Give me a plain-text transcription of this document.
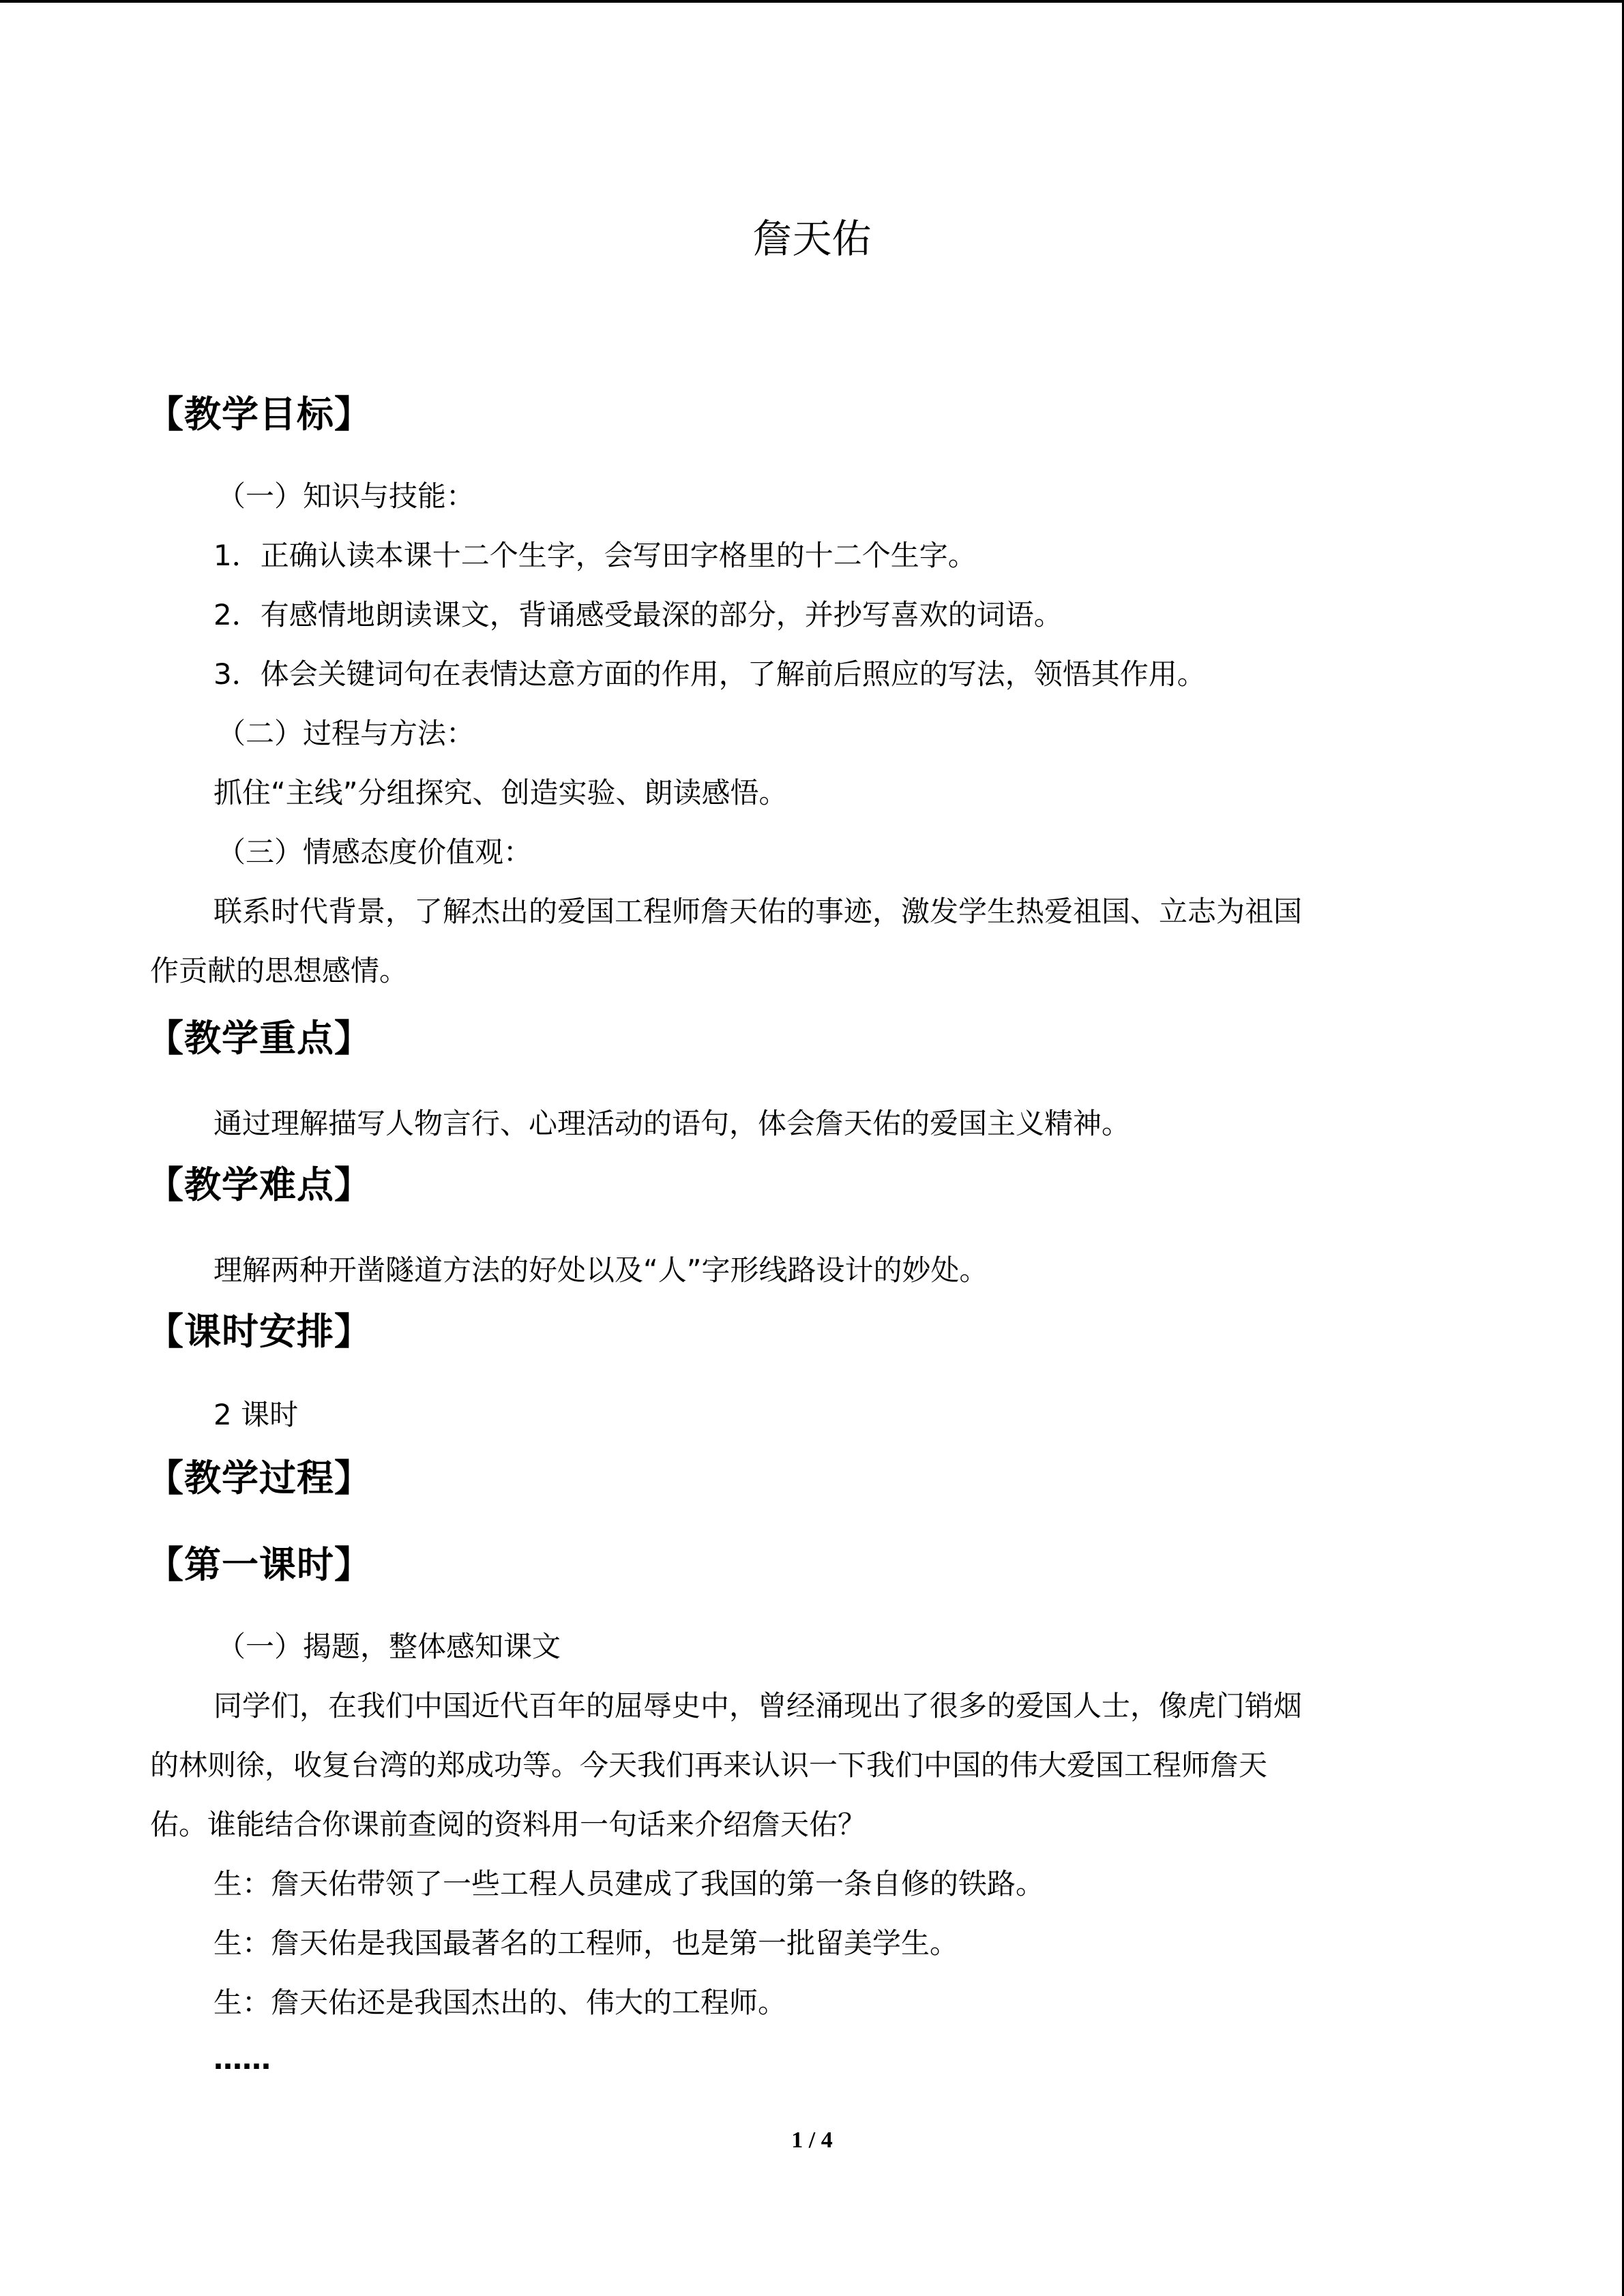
詹天佑
【教学目标】
（一）知识与技能：
1．正确认读本课十二个生字，会写田字格里的十二个生字。
2．有感情地朗读课文，背诵感受最深的部分，并抄写喜欢的词语。
3．体会关键词句在表情达意方面的作用，了解前后照应的写法，领悟其作用。
（二）过程与方法：
抓住“主线”分组探究、创造实验、朗读感悟。
（三）情感态度价值观：
联系时代背景，了解杰出的爱国工程师詹天佑的事迹，激发学生热爱祖国、立志为祖国
作贡献的思想感情。
【教学重点】
通过理解描写人物言行、心理活动的语句，体会詹天佑的爱国主义精神。
【教学难点】
理解两种开凿隧道方法的好处以及“人”字形线路设计的妙处。
【课时安排】
2 课时
【教学过程】
【第一课时】
（一）揭题，整体感知课文
同学们，在我们中国近代百年的屈辱史中，曾经涌现出了很多的爱国人士，像虎门销烟
的林则徐，收复台湾的郑成功等。今天我们再来认识一下我们中国的伟大爱国工程师詹天
佑。谁能结合你课前查阅的资料用一句话来介绍詹天佑？
生：詹天佑带领了一些工程人员建成了我国的第一条自修的铁路。
生：詹天佑是我国最著名的工程师，也是第一批留美学生。
生：詹天佑还是我国杰出的、伟大的工程师。
……
1 / 4
